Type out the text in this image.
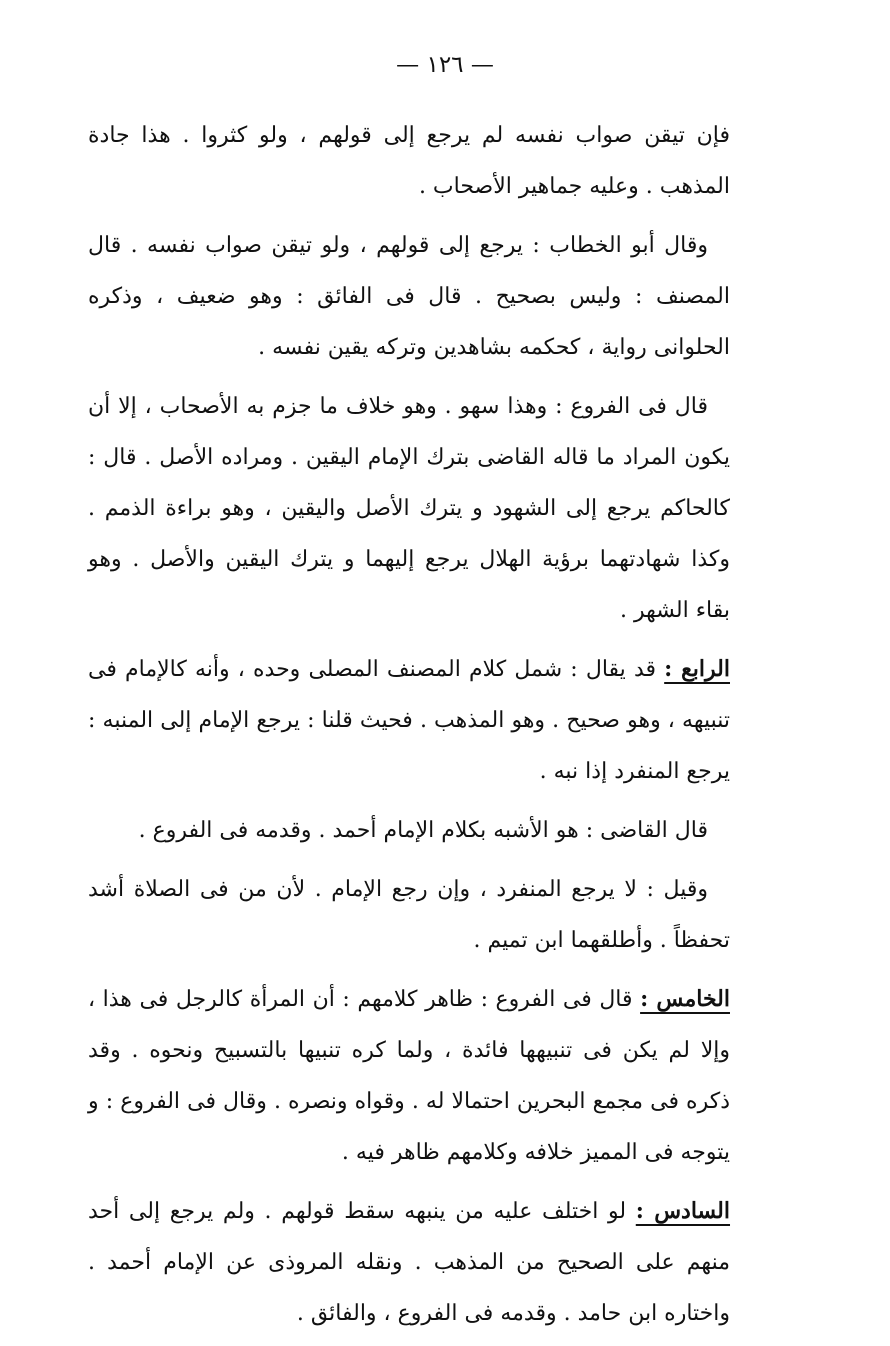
— ١٢٦ —

فإن تيقن صواب نفسه لم يرجع إلى قولهم ، ولو كثروا . هذا جادة المذهب . وعليه جماهير الأصحاب .

وقال أبو الخطاب : يرجع إلى قولهم ، ولو تيقن صواب نفسه . قال المصنف : وليس بصحيح . قال فى الفائق : وهو ضعيف ، وذكره الحلوانى رواية ، كحكمه بشاهدين وتركه يقين نفسه .

قال فى الفروع : وهذا سهو . وهو خلاف ما جزم به الأصحاب ، إلا أن يكون المراد ما قاله القاضى بترك الإمام اليقين . ومراده الأصل . قال : كالحاكم يرجع إلى الشهود و يترك الأصل واليقين ، وهو براءة الذمم . وكذا شهادتهما برؤية الهلال يرجع إليهما و يترك اليقين والأصل . وهو بقاء الشهر .

الرابع : قد يقال : شمل كلام المصنف المصلى وحده ، وأنه كالإمام فى تنبيهه ، وهو صحيح . وهو المذهب . فحيث قلنا : يرجع الإمام إلى المنبه : يرجع المنفرد إذا نبه .

قال القاضى : هو الأشبه بكلام الإمام أحمد . وقدمه فى الفروع .

وقيل : لا يرجع المنفرد ، وإن رجع الإمام . لأن من فى الصلاة أشد تحفظاً . وأطلقهما ابن تميم .

الخامس : قال فى الفروع : ظاهر كلامهم : أن المرأة كالرجل فى هذا ، وإلا لم يكن فى تنبيهها فائدة ، ولما كره تنبيها بالتسبيح ونحوه . وقد ذكره فى مجمع البحرين احتمالا له . وقواه ونصره . وقال فى الفروع : و يتوجه فى المميز خلافه وكلامهم ظاهر فيه .

السادس : لو اختلف عليه من ينبهه سقط قولهم . ولم يرجع إلى أحد منهم على الصحيح من المذهب . ونقله المروذى عن الإمام أحمد . واختاره ابن حامد . وقدمه فى الفروع ، والفائق .
